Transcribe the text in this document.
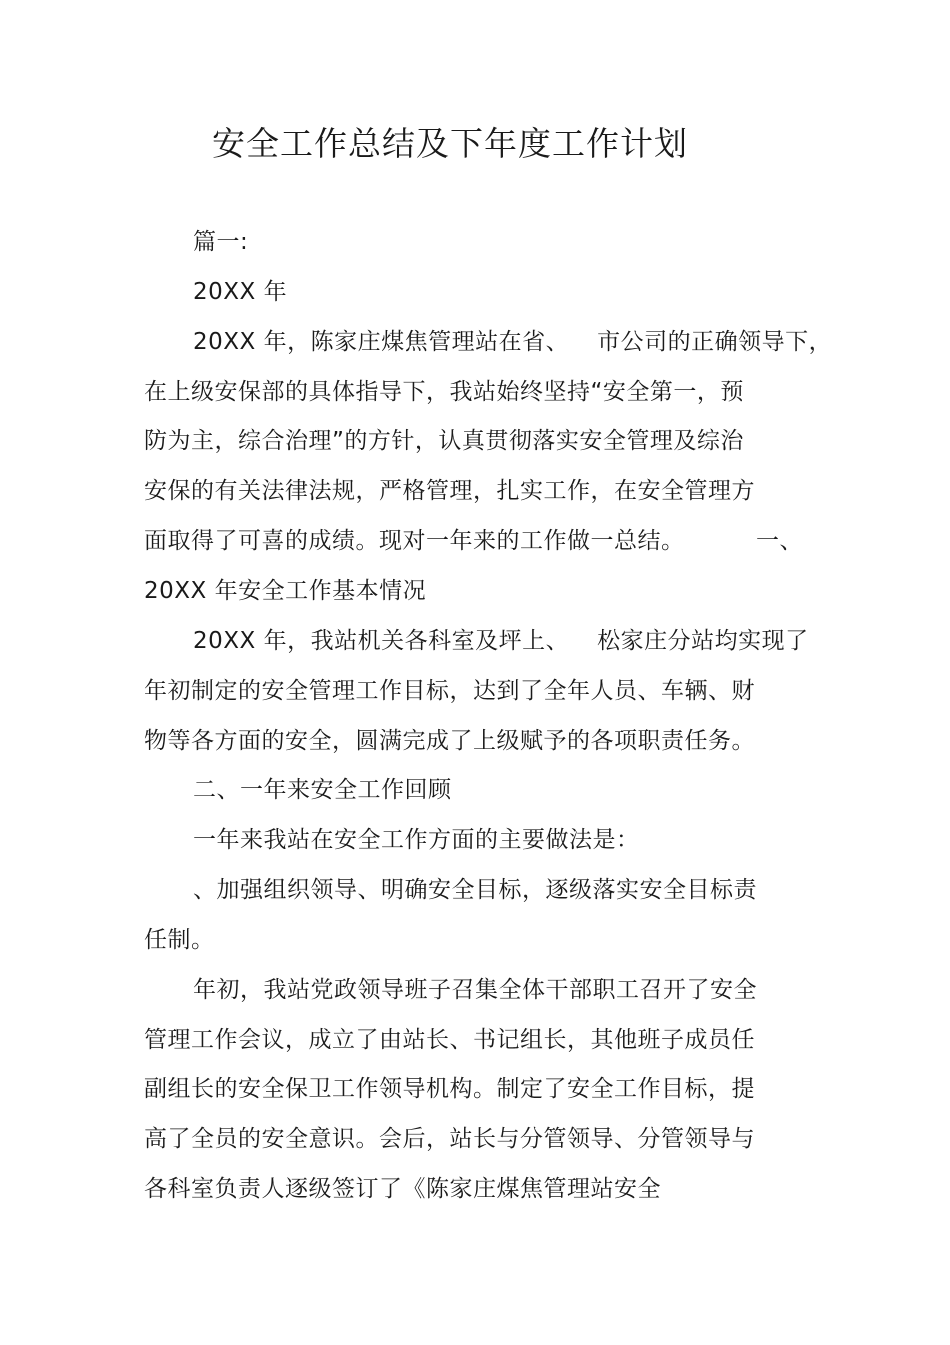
安全工作总结及下年度工作计划
篇一:
20XX 年
20XX 年，陈家庄煤焦管理站在省、 市公司的正确领导下，
在上级安保部的具体指导下，我站始终坚持“安全第一，预
防为主，综合治理”的方针，认真贯彻落实安全管理及综治
安保的有关法律法规，严格管理，扎实工作，在安全管理方
面取得了可喜的成绩。现对一年来的工作做一总结。	一、
20XX 年安全工作基本情况
20XX 年，我站机关各科室及坪上、 松家庄分站均实现了
年初制定的安全管理工作目标，达到了全年人员、车辆、财
物等各方面的安全，圆满完成了上级赋予的各项职责任务。
二、一年来安全工作回顾
一年来我站在安全工作方面的主要做法是：
、加强组织领导、明确安全目标，逐级落实安全目标责
任制。
年初，我站党政领导班子召集全体干部职工召开了安全
管理工作会议，成立了由站长、书记组长，其他班子成员任
副组长的安全保卫工作领导机构。制定了安全工作目标，提
高了全员的安全意识。会后，站长与分管领导、分管领导与
各科室负责人逐级签订了《陈家庄煤焦管理站安全
